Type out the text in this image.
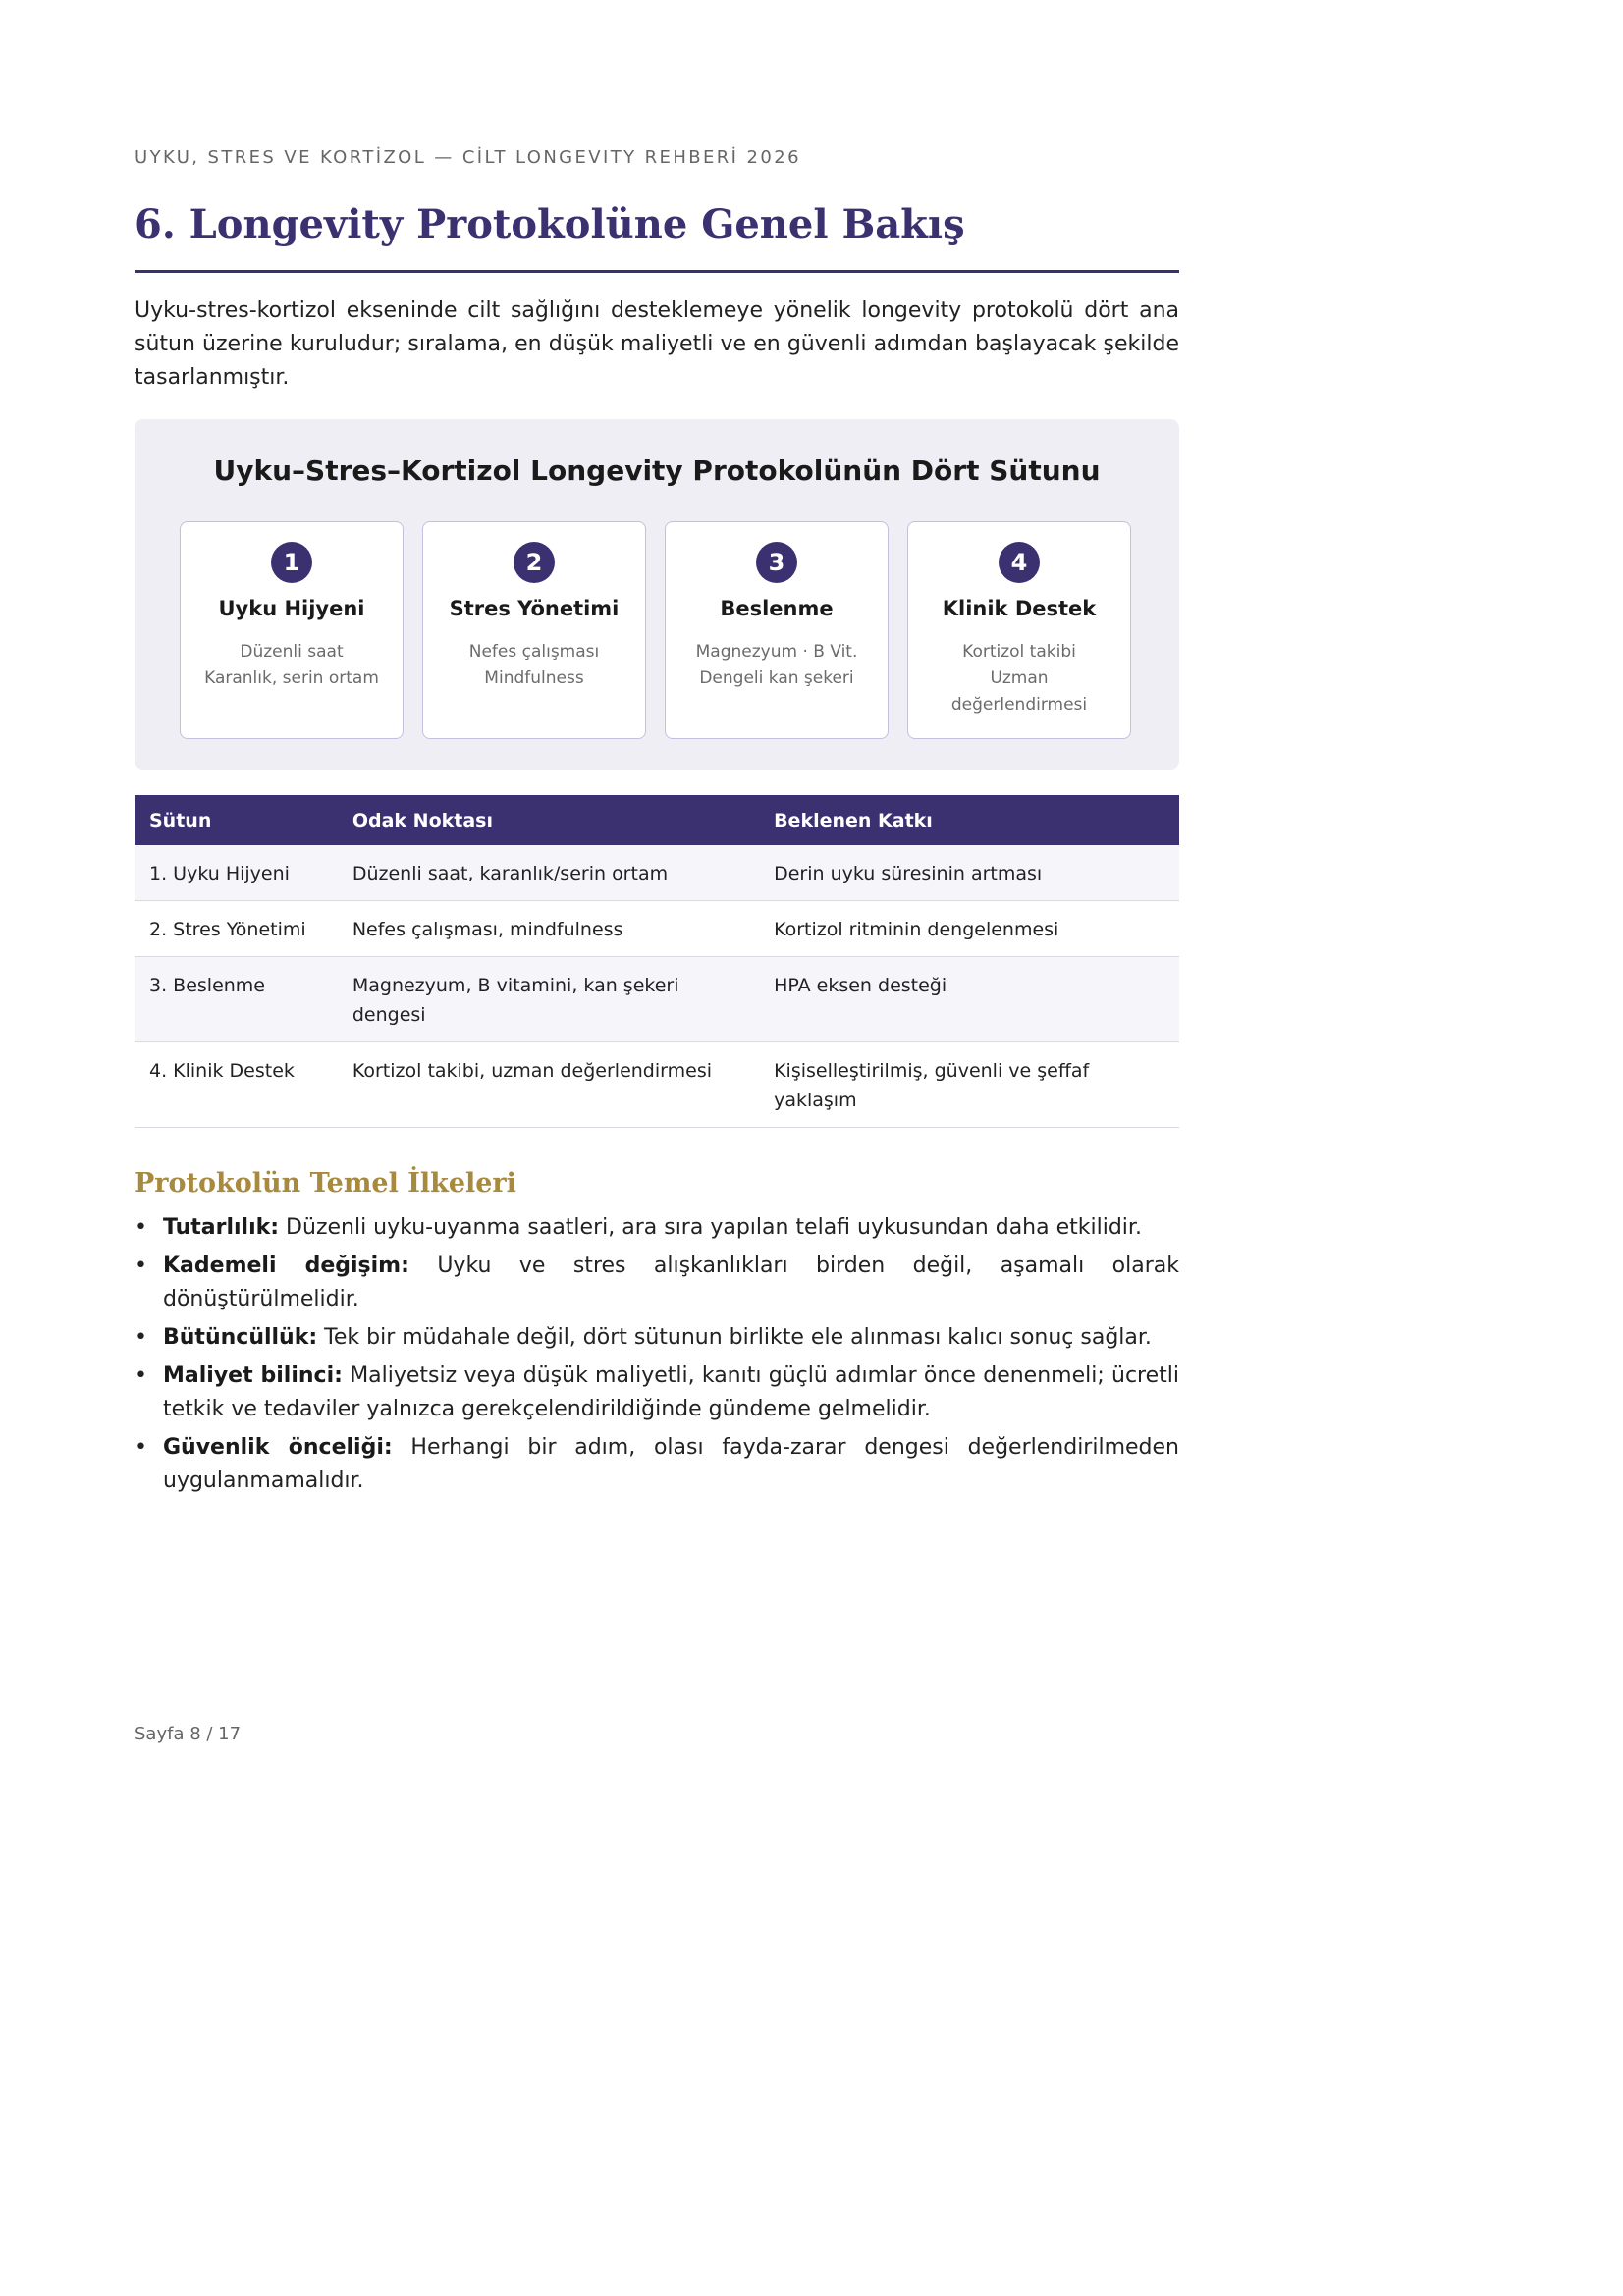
UYKU, STRES VE KORTİZOL — CİLT LONGEVITY REHBERİ 2026
6. Longevity Protokolüne Genel Bakış

Uyku-stres-kortizol ekseninde cilt sağlığını desteklemeye yönelik longevity protokolü dört ana sütun üzerine kuruludur; sıralama, en düşük maliyetli ve en güvenli adımdan başlayacak şekilde tasarlanmıştır.

Uyku–Stres–Kortizol Longevity Protokolünün Dört Sütunu
1
Uyku Hijyeni
Düzenli saat
Karanlık, serin ortam
2
Stres Yönetimi
Nefes çalışması
Mindfulness
3
Beslenme
Magnezyum · B Vit.
Dengeli kan şekeri
4
Klinik Destek
Kortizol takibi
Uzman
değerlendirmesi
Sütun	Odak Noktası	Beklenen Katkı
1. Uyku Hijyeni	Düzenli saat, karanlık/serin ortam	Derin uyku süresinin artması
2. Stres Yönetimi	Nefes çalışması, mindfulness	Kortizol ritminin dengelenmesi
3. Beslenme	Magnezyum, B vitamini, kan şekeri dengesi	HPA eksen desteği
4. Klinik Destek	Kortizol takibi, uzman değerlendirmesi	Kişiselleştirilmiş, güvenli ve şeffaf yaklaşım
Protokolün Temel İlkeleri
• Tutarlılık: Düzenli uyku-uyanma saatleri, ara sıra yapılan telafi uykusundan daha etkilidir.
• Kademeli değişim: Uyku ve stres alışkanlıkları birden değil, aşamalı olarak dönüştürülmelidir.
• Bütüncüllük: Tek bir müdahale değil, dört sütunun birlikte ele alınması kalıcı sonuç sağlar.
• Maliyet bilinci: Maliyetsiz veya düşük maliyetli, kanıtı güçlü adımlar önce denenmeli; ücretli tetkik ve tedaviler yalnızca gerekçelendirildiğinde gündeme gelmelidir.
• Güvenlik önceliği: Herhangi bir adım, olası fayda-zarar dengesi değerlendirilmeden uygulanmamalıdır.
Sayfa 8 / 17
